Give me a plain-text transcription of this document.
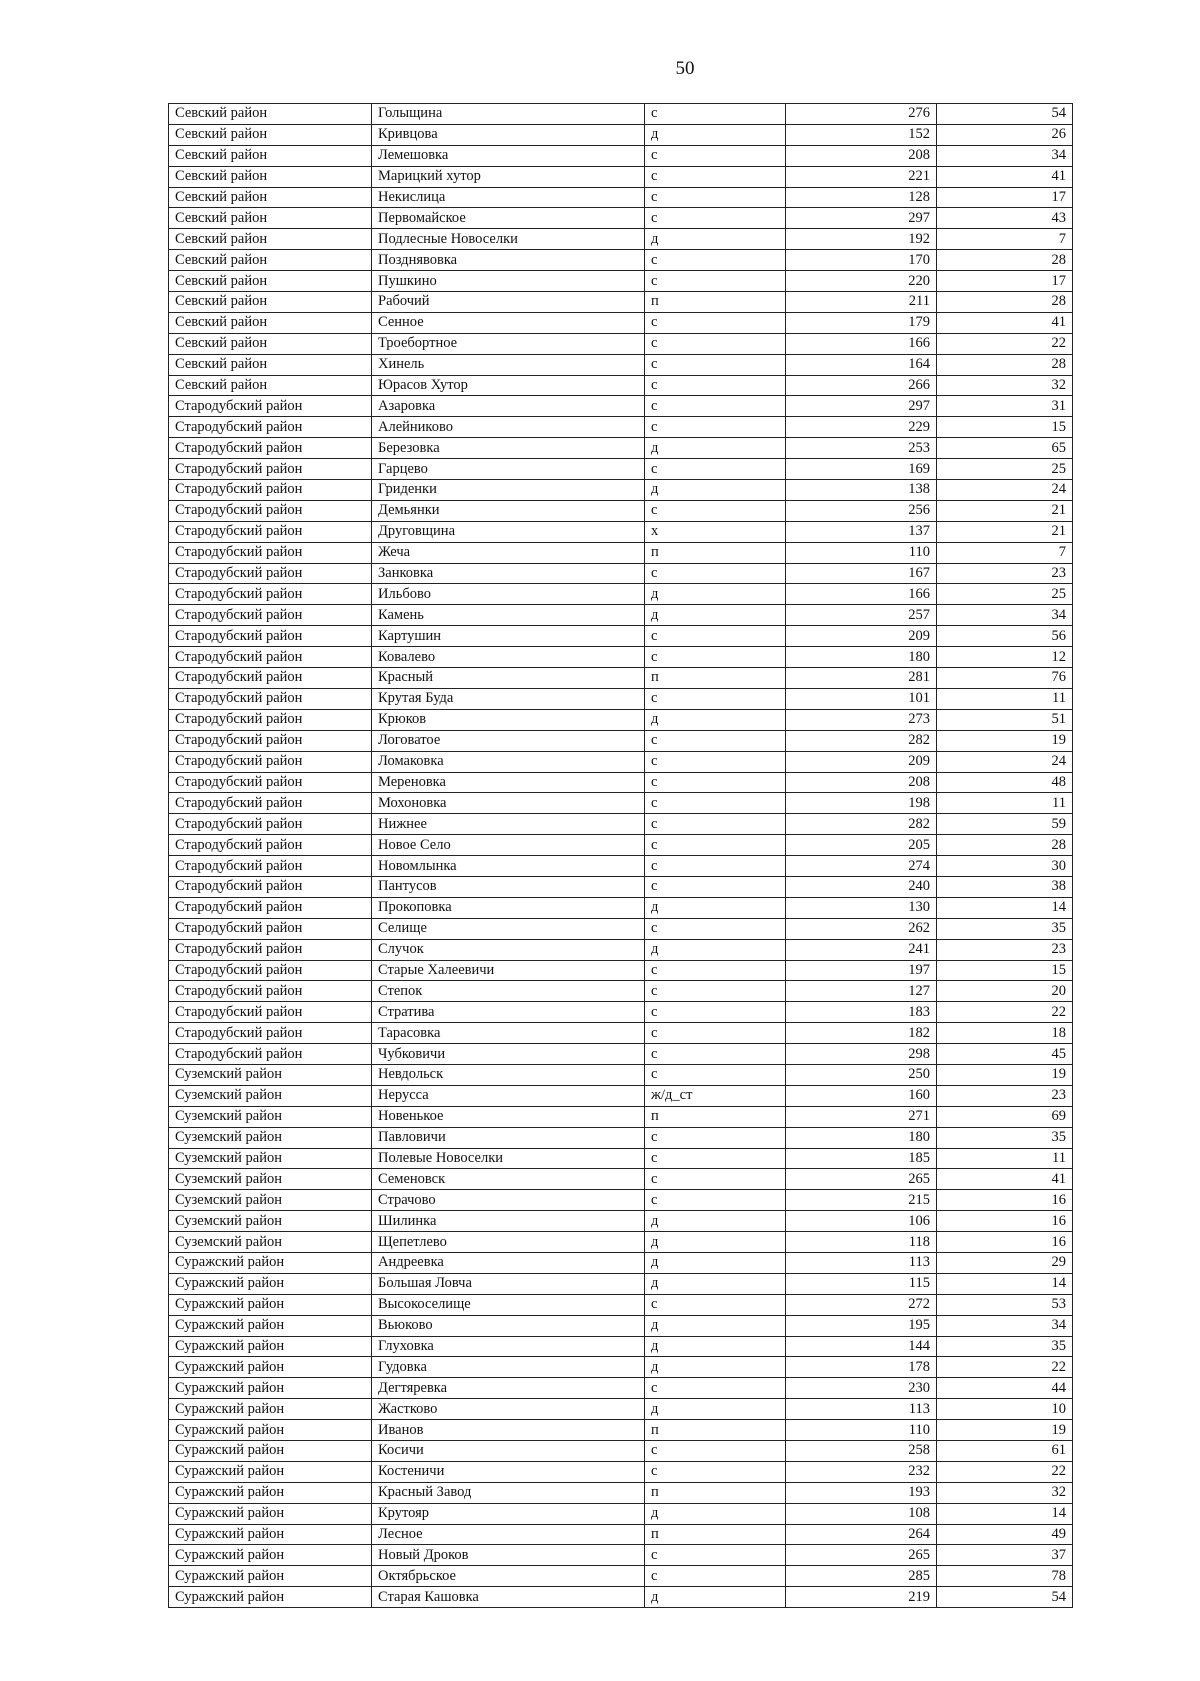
50
Севский район	Голыщина	с	276	54
Севский район	Кривцова	д	152	26
Севский район	Лемешовка	с	208	34
Севский район	Марицкий хутор	с	221	41
Севский район	Некислица	с	128	17
Севский район	Первомайское	с	297	43
Севский район	Подлесные Новоселки	д	192	7
Севский район	Позднявовка	с	170	28
Севский район	Пушкино	с	220	17
Севский район	Рабочий	п	211	28
Севский район	Сенное	с	179	41
Севский район	Троебортное	с	166	22
Севский район	Хинель	с	164	28
Севский район	Юрасов Хутор	с	266	32
Стародубский район	Азаровка	с	297	31
Стародубский район	Алейниково	с	229	15
Стародубский район	Березовка	д	253	65
Стародубский район	Гарцево	с	169	25
Стародубский район	Гриденки	д	138	24
Стародубский район	Демьянки	с	256	21
Стародубский район	Друговщина	х	137	21
Стародубский район	Жеча	п	110	7
Стародубский район	Занковка	с	167	23
Стародубский район	Ильбово	д	166	25
Стародубский район	Камень	д	257	34
Стародубский район	Картушин	с	209	56
Стародубский район	Ковалево	с	180	12
Стародубский район	Красный	п	281	76
Стародубский район	Крутая Буда	с	101	11
Стародубский район	Крюков	д	273	51
Стародубский район	Логоватое	с	282	19
Стародубский район	Ломаковка	с	209	24
Стародубский район	Мереновка	с	208	48
Стародубский район	Мохоновка	с	198	11
Стародубский район	Нижнее	с	282	59
Стародубский район	Новое Село	с	205	28
Стародубский район	Новомлынка	с	274	30
Стародубский район	Пантусов	с	240	38
Стародубский район	Прокоповка	д	130	14
Стародубский район	Селище	с	262	35
Стародубский район	Случок	д	241	23
Стародубский район	Старые Халеевичи	с	197	15
Стародубский район	Степок	с	127	20
Стародубский район	Стратива	с	183	22
Стародубский район	Тарасовка	с	182	18
Стародубский район	Чубковичи	с	298	45
Суземский район	Невдольск	с	250	19
Суземский район	Нерусса	ж/д_ст	160	23
Суземский район	Новенькое	п	271	69
Суземский район	Павловичи	с	180	35
Суземский район	Полевые Новоселки	с	185	11
Суземский район	Семеновск	с	265	41
Суземский район	Страчово	с	215	16
Суземский район	Шилинка	д	106	16
Суземский район	Щепетлево	д	118	16
Суражский район	Андреевка	д	113	29
Суражский район	Большая Ловча	д	115	14
Суражский район	Высокоселище	с	272	53
Суражский район	Вьюково	д	195	34
Суражский район	Глуховка	д	144	35
Суражский район	Гудовка	д	178	22
Суражский район	Дегтяревка	с	230	44
Суражский район	Жастково	д	113	10
Суражский район	Иванов	п	110	19
Суражский район	Косичи	с	258	61
Суражский район	Костеничи	с	232	22
Суражский район	Красный Завод	п	193	32
Суражский район	Крутояр	д	108	14
Суражский район	Лесное	п	264	49
Суражский район	Новый Дроков	с	265	37
Суражский район	Октябрьское	с	285	78
Суражский район	Старая Кашовка	д	219	54
